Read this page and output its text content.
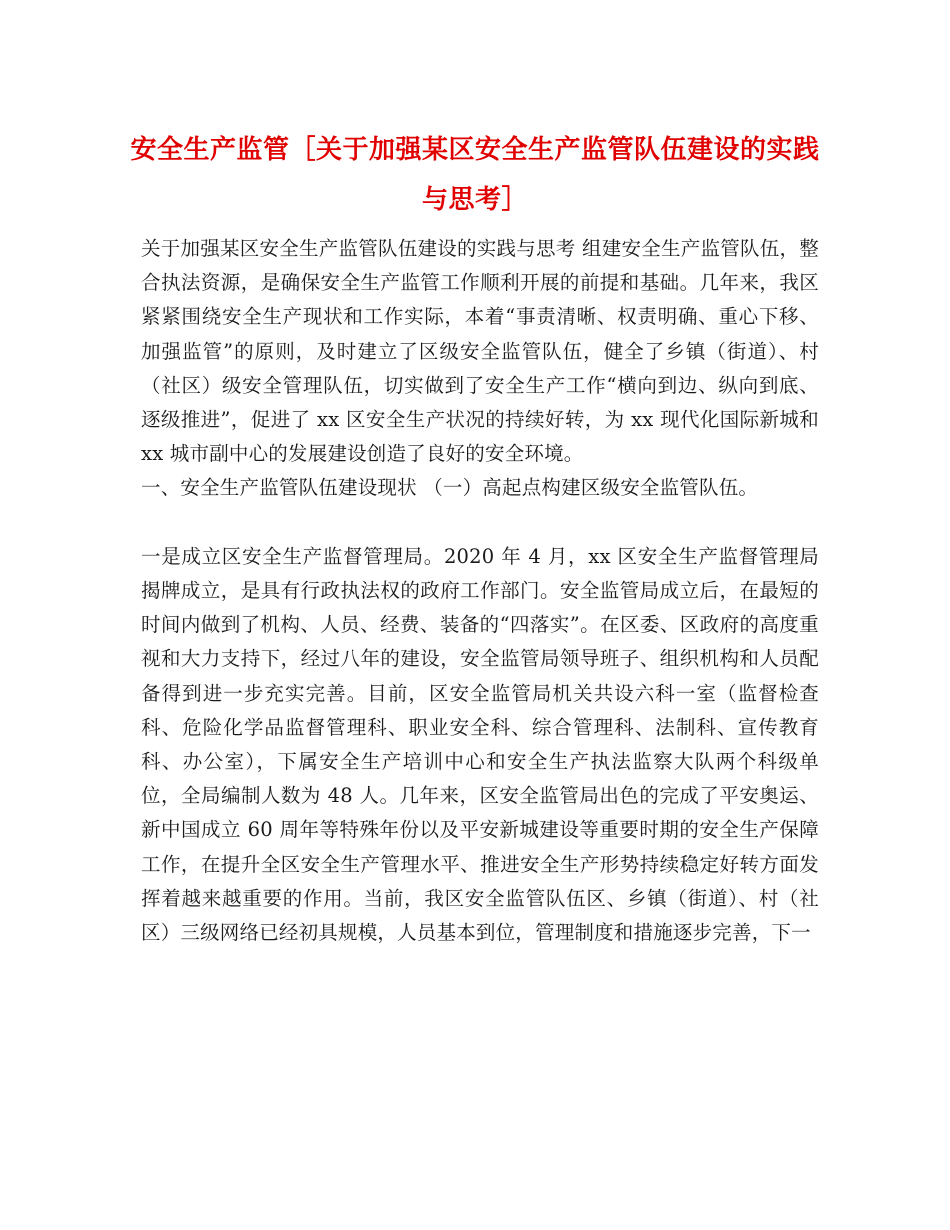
安全生产监管［关于加强某区安全生产监管队伍建设的实践与思考］

关于加强某区安全生产监管队伍建设的实践与思考 组建安全生产监管队伍，整合执法资源，是确保安全生产监管工作顺利开展的前提和基础。几年来，我区紧紧围绕安全生产现状和工作实际，本着“事责清晰、权责明确、重心下移、加强监管”的原则，及时建立了区级安全监管队伍，健全了乡镇（街道）、村（社区）级安全管理队伍，切实做到了安全生产工作“横向到边、纵向到底、逐级推进”，促进了 xx 区安全生产状况的持续好转，为 xx 现代化国际新城和 xx 城市副中心的发展建设创造了良好的安全环境。

一、安全生产监管队伍建设现状 （一）高起点构建区级安全监管队伍。

一是成立区安全生产监督管理局。2020 年 4 月，xx 区安全生产监督管理局揭牌成立，是具有行政执法权的政府工作部门。安全监管局成立后，在最短的时间内做到了机构、人员、经费、装备的“四落实”。在区委、区政府的高度重视和大力支持下，经过八年的建设，安全监管局领导班子、组织机构和人员配备得到进一步充实完善。目前，区安全监管局机关共设六科一室（监督检查科、危险化学品监督管理科、职业安全科、综合管理科、法制科、宣传教育科、办公室），下属安全生产培训中心和安全生产执法监察大队两个科级单位，全局编制人数为 48 人。几年来，区安全监管局出色的完成了平安奥运、新中国成立 60 周年等特殊年份以及平安新城建设等重要时期的安全生产保障工作，在提升全区安全生产管理水平、推进安全生产形势持续稳定好转方面发挥着越来越重要的作用。当前，我区安全监管队伍区、乡镇（街道）、村（社区）三级网络已经初具规模，人员基本到位，管理制度和措施逐步完善，下一
